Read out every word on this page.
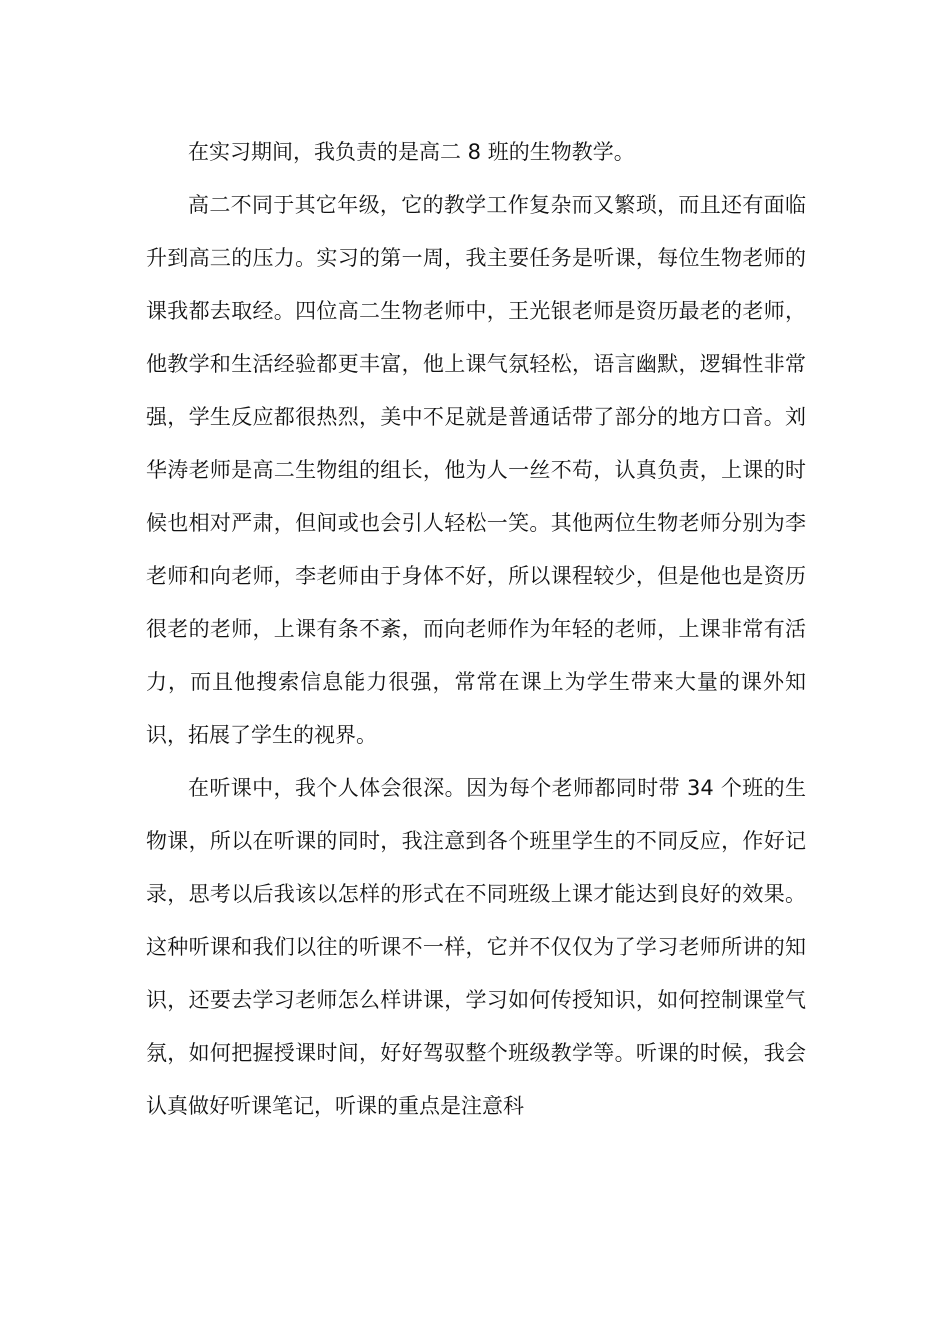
在实习期间，我负责的是高二 8 班的生物教学。

高二不同于其它年级，它的教学工作复杂而又繁琐，而且还有面临升到高三的压力。实习的第一周，我主要任务是听课，每位生物老师的课我都去取经。四位高二生物老师中，王光银老师是资历最老的老师，他教学和生活经验都更丰富，他上课气氛轻松，语言幽默，逻辑性非常强，学生反应都很热烈，美中不足就是普通话带了部分的地方口音。刘华涛老师是高二生物组的组长，他为人一丝不苟，认真负责，上课的时候也相对严肃，但间或也会引人轻松一笑。其他两位生物老师分别为李老师和向老师，李老师由于身体不好，所以课程较少，但是他也是资历很老的老师，上课有条不紊，而向老师作为年轻的老师，上课非常有活力，而且他搜索信息能力很强，常常在课上为学生带来大量的课外知识，拓展了学生的视界。

在听课中，我个人体会很深。因为每个老师都同时带 34 个班的生物课，所以在听课的同时，我注意到各个班里学生的不同反应，作好记录，思考以后我该以怎样的形式在不同班级上课才能达到良好的效果。这种听课和我们以往的听课不一样，它并不仅仅为了学习老师所讲的知识，还要去学习老师怎么样讲课，学习如何传授知识，如何控制课堂气氛，如何把握授课时间，好好驾驭整个班级教学等。听课的时候，我会认真做好听课笔记，听课的重点是注意科
